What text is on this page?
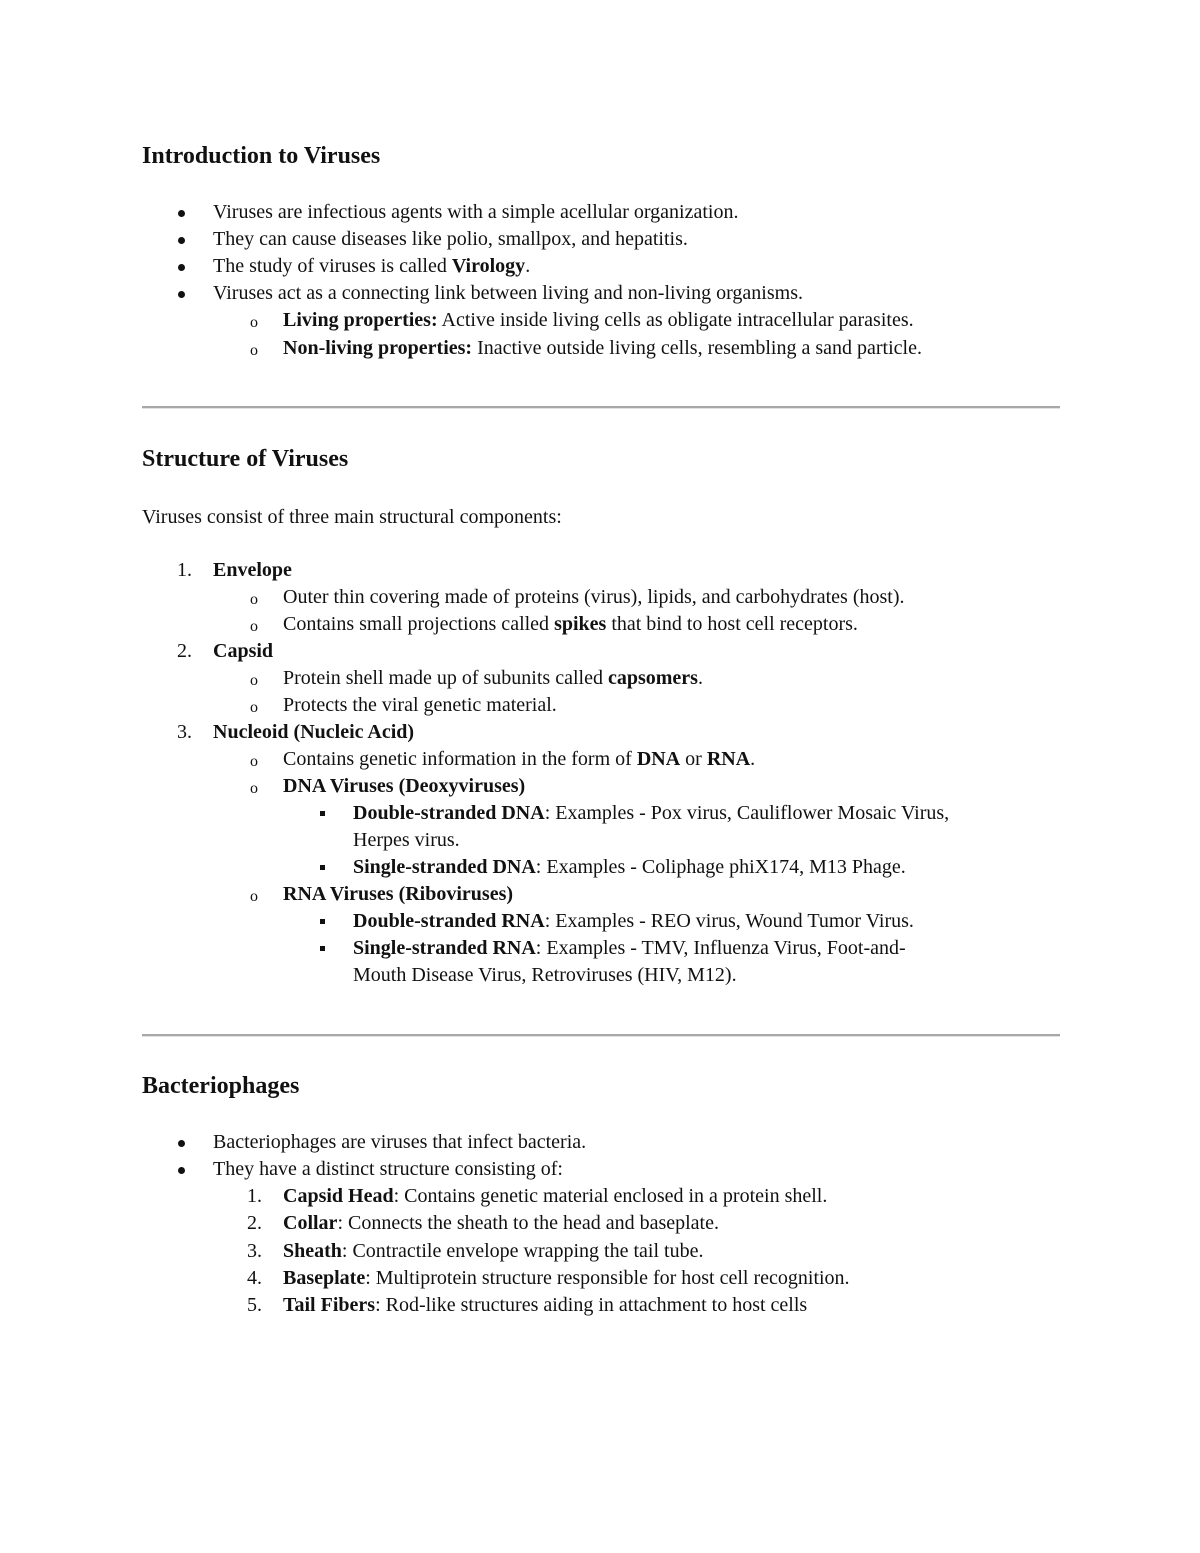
Introduction to Viruses
Viruses are infectious agents with a simple acellular organization.
They can cause diseases like polio, smallpox, and hepatitis.
The study of viruses is called Virology.
Viruses act as a connecting link between living and non-living organisms.
o Living properties: Active inside living cells as obligate intracellular parasites.
o Non-living properties: Inactive outside living cells, resembling a sand particle.
Structure of Viruses
Viruses consist of three main structural components:
1. Envelope
o Outer thin covering made of proteins (virus), lipids, and carbohydrates (host).
o Contains small projections called spikes that bind to host cell receptors.
2. Capsid
o Protein shell made up of subunits called capsomers.
o Protects the viral genetic material.
3. Nucleoid (Nucleic Acid)
o Contains genetic information in the form of DNA or RNA.
o DNA Viruses (Deoxyviruses)
Double-stranded DNA: Examples - Pox virus, Cauliflower Mosaic Virus,
Herpes virus.
Single-stranded DNA: Examples - Coliphage phiX174, M13 Phage.
o RNA Viruses (Riboviruses)
Double-stranded RNA: Examples - REO virus, Wound Tumor Virus.
Single-stranded RNA: Examples - TMV, Influenza Virus, Foot-and-
Mouth Disease Virus, Retroviruses (HIV, M12).
Bacteriophages
Bacteriophages are viruses that infect bacteria.
They have a distinct structure consisting of:
1. Capsid Head: Contains genetic material enclosed in a protein shell.
2. Collar: Connects the sheath to the head and baseplate.
3. Sheath: Contractile envelope wrapping the tail tube.
4. Baseplate: Multiprotein structure responsible for host cell recognition.
5. Tail Fibers: Rod-like structures aiding in attachment to host cells
